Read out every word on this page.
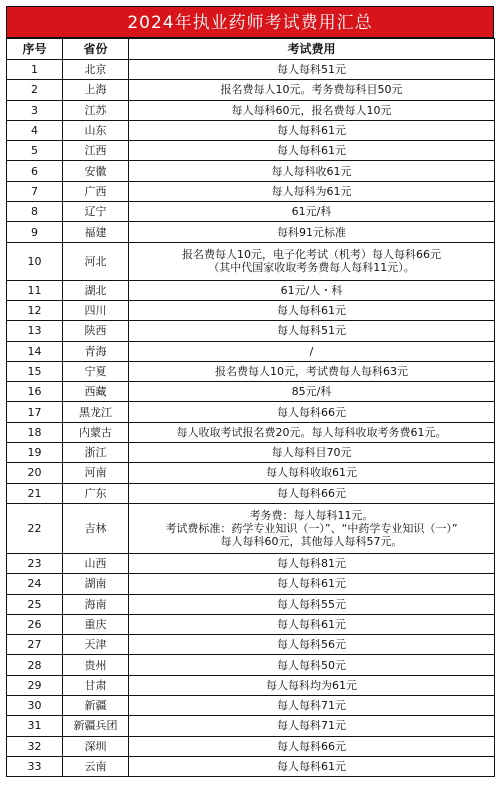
2024年执业药师考试费用汇总
序号	省份	考试费用
1	北京	每人每科51元

2	上海	报名费每人10元。考务费每科目50元

3	江苏	每人每科60元，报名费每人10元

4	山东	每人每科61元

5	江西	每人每科61元

6	安徽	每人每科收61元

7	广西	每人每科为61元

8	辽宁	61元/科

9	福建	每科91元标准

10	河北	报名费每人10元，电子化考试（机考）每人每科66元
（其中代国家收取考务费每人每科11元）。

11	湖北	61元/人・科

12	四川	每人每科61元

13	陕西	每人每科51元

14	青海	/

15	宁夏	报名费每人10元，考试费每人每科63元

16	西藏	85元/科

17	黑龙江	每人每科66元

18	内蒙古	每人收取考试报名费20元。每人每科收取考务费61元。

19	浙江	每人每科目70元

20	河南	每人每科收取61元

21	广东	每人每科66元

22	吉林	考务费：每人每科11元。
考试费标准：药学专业知识（一）”、“中药学专业知识（一）”
每人每科60元，其他每人每科57元。

23	山西	每人每科81元

24	湖南	每人每科61元

25	海南	每人每科55元

26	重庆	每人每科61元

27	天津	每人每科56元

28	贵州	每人每科50元

29	甘肃	每人每科均为61元

30	新疆	每人每科71元

31	新疆兵团	每人每科71元

32	深圳	每人每科66元

33	云南	每人每科61元
